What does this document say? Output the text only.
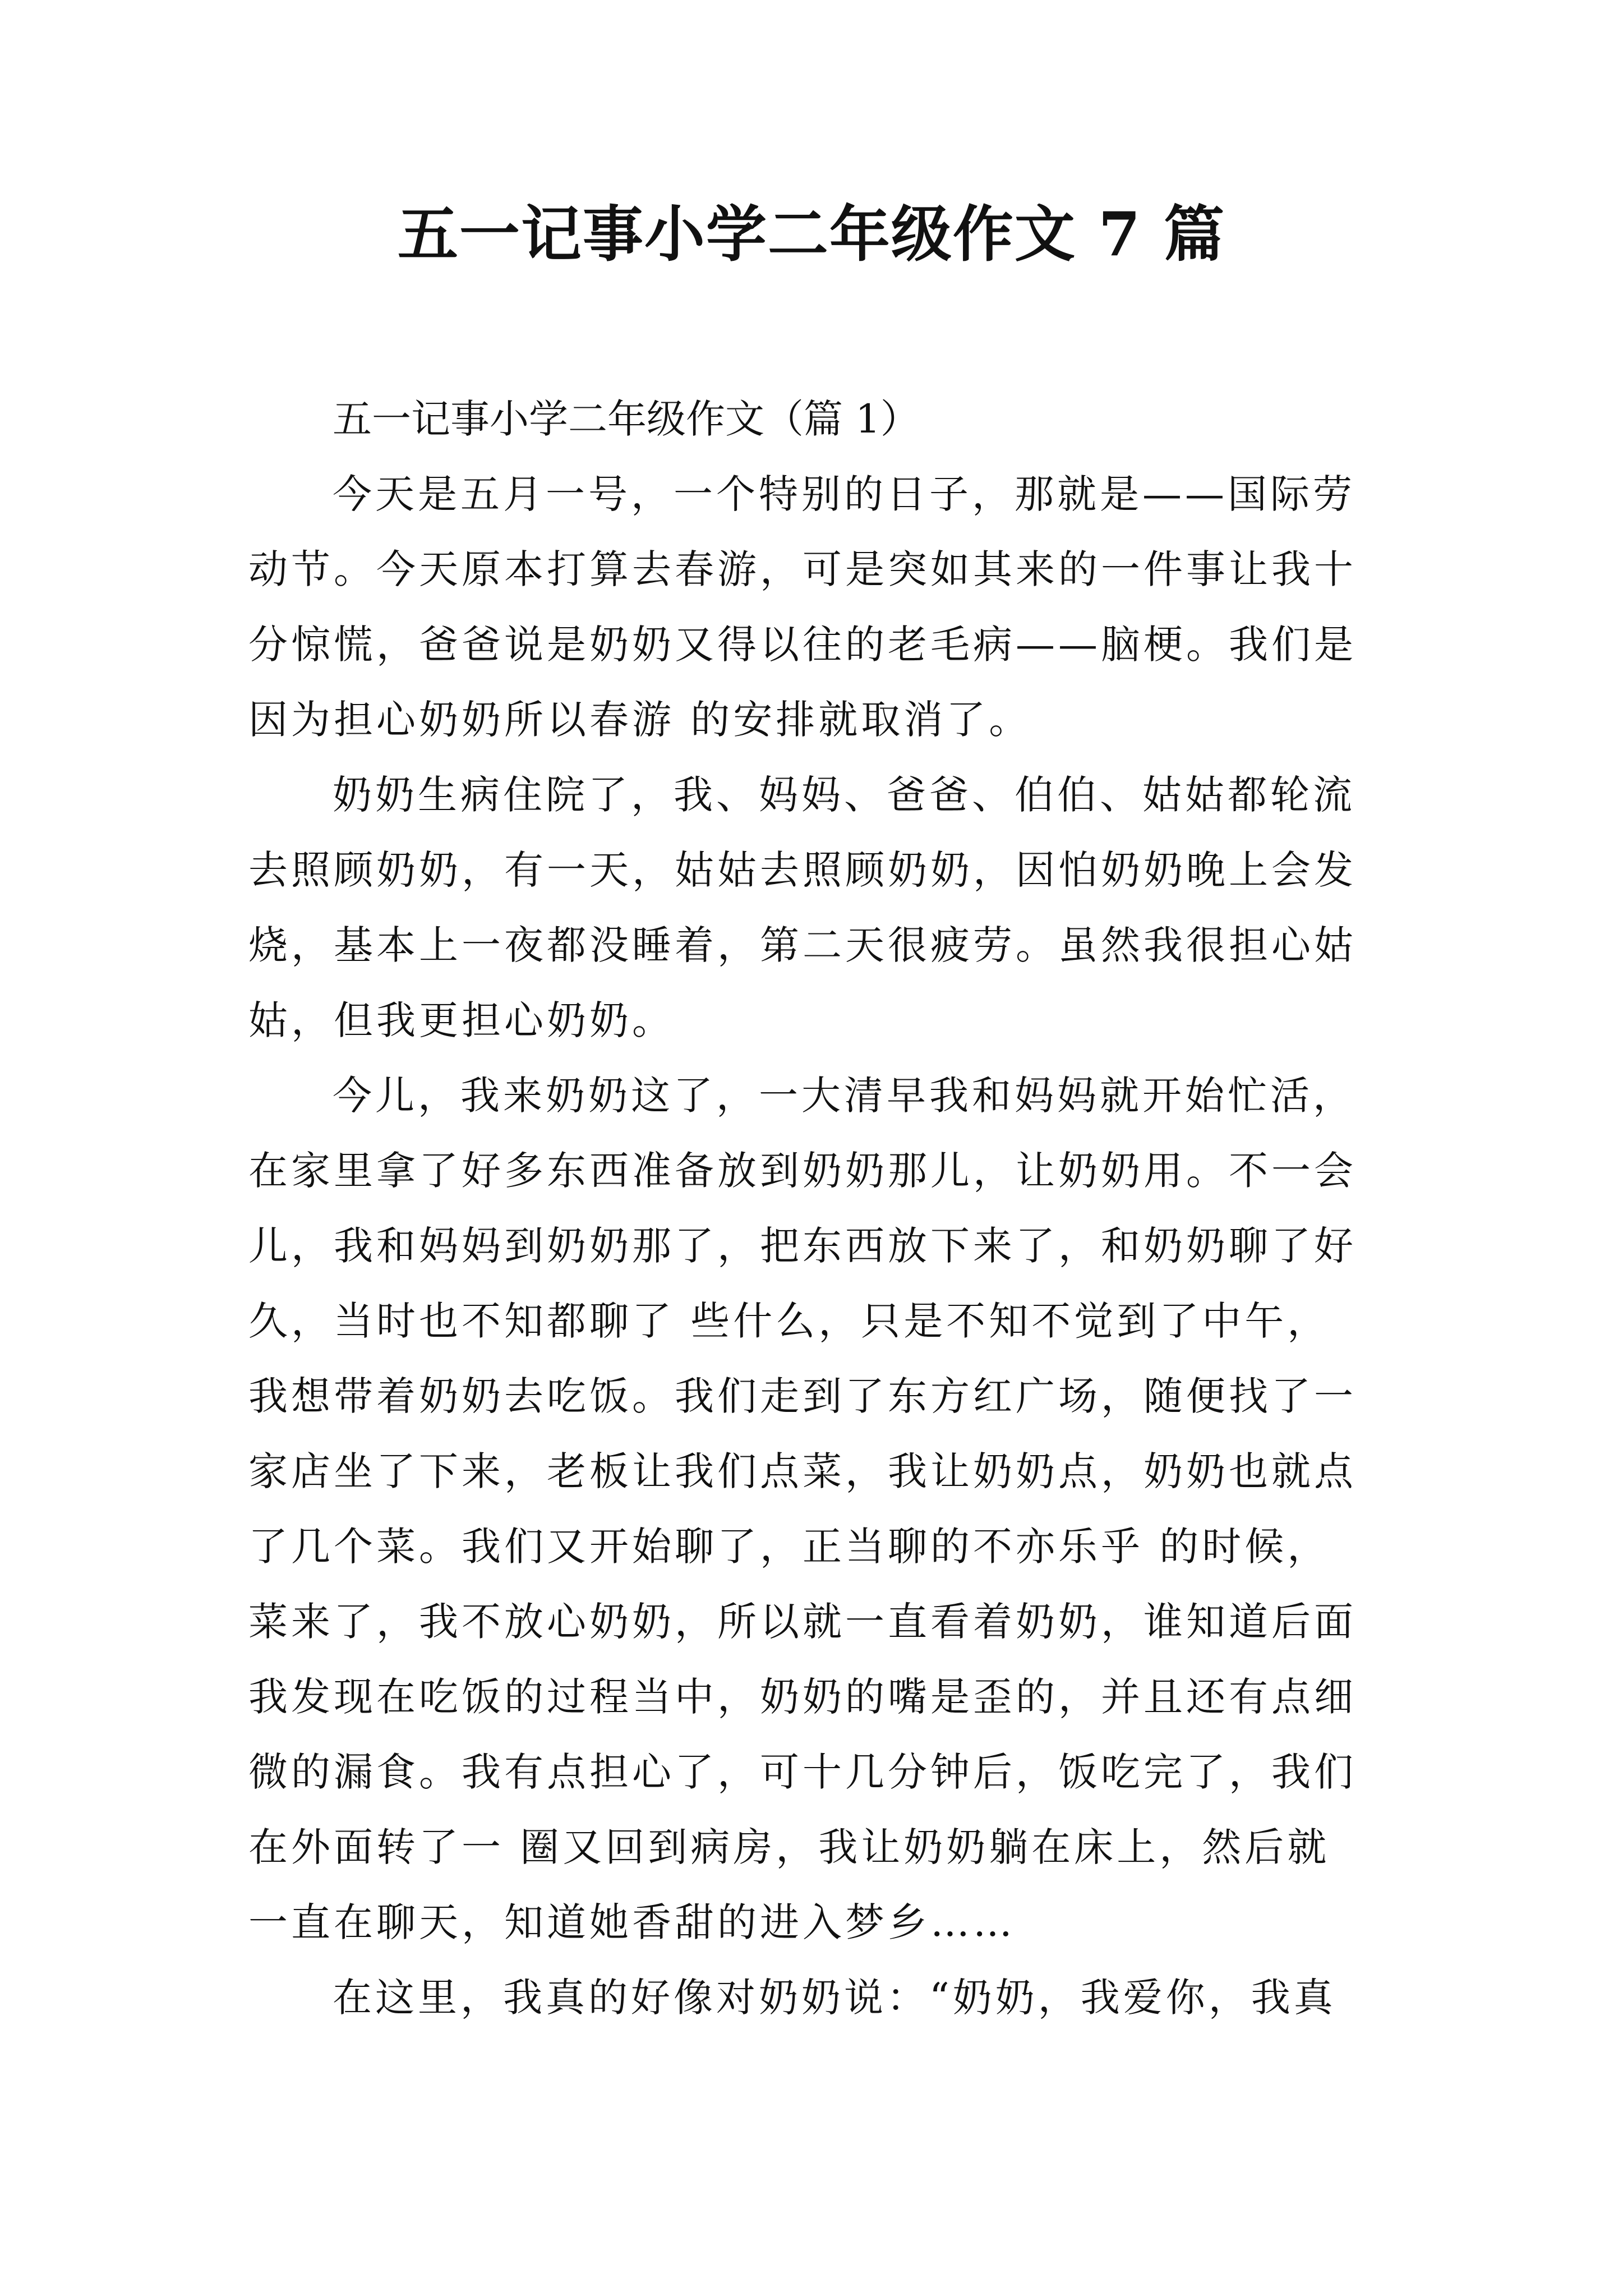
五一记事小学二年级作文 7 篇

五一记事小学二年级作文（篇 1）

今天是五月一号，一个特别的日子，那就是——国际劳
动节。今天原本打算去春游，可是突如其来的一件事让我十
分惊慌，爸爸说是奶奶又得以往的老毛病——脑梗。我们是
因为担心奶奶所以春游 的安排就取消了。

奶奶生病住院了，我、妈妈、爸爸、伯伯、姑姑都轮流
去照顾奶奶，有一天，姑姑去照顾奶奶，因怕奶奶晚上会发
烧，基本上一夜都没睡着，第二天很疲劳。虽然我很担心姑
姑，但我更担心奶奶。

今儿，我来奶奶这了，一大清早我和妈妈就开始忙活，
在家里拿了好多东西准备放到奶奶那儿，让奶奶用。不一会
儿，我和妈妈到奶奶那了，把东西放下来了，和奶奶聊了好
久，当时也不知都聊了 些什么，只是不知不觉到了中午，
我想带着奶奶去吃饭。我们走到了东方红广场，随便找了一
家店坐了下来，老板让我们点菜，我让奶奶点，奶奶也就点
了几个菜。我们又开始聊了，正当聊的不亦乐乎 的时候，
菜来了，我不放心奶奶，所以就一直看着奶奶，谁知道后面
我发现在吃饭的过程当中，奶奶的嘴是歪的，并且还有点细
微的漏食。我有点担心了，可十几分钟后，饭吃完了，我们
在外面转了一 圈又回到病房，我让奶奶躺在床上，然后就
一直在聊天，知道她香甜的进入梦乡……

在这里，我真的好像对奶奶说：“奶奶，我爱你，我真
